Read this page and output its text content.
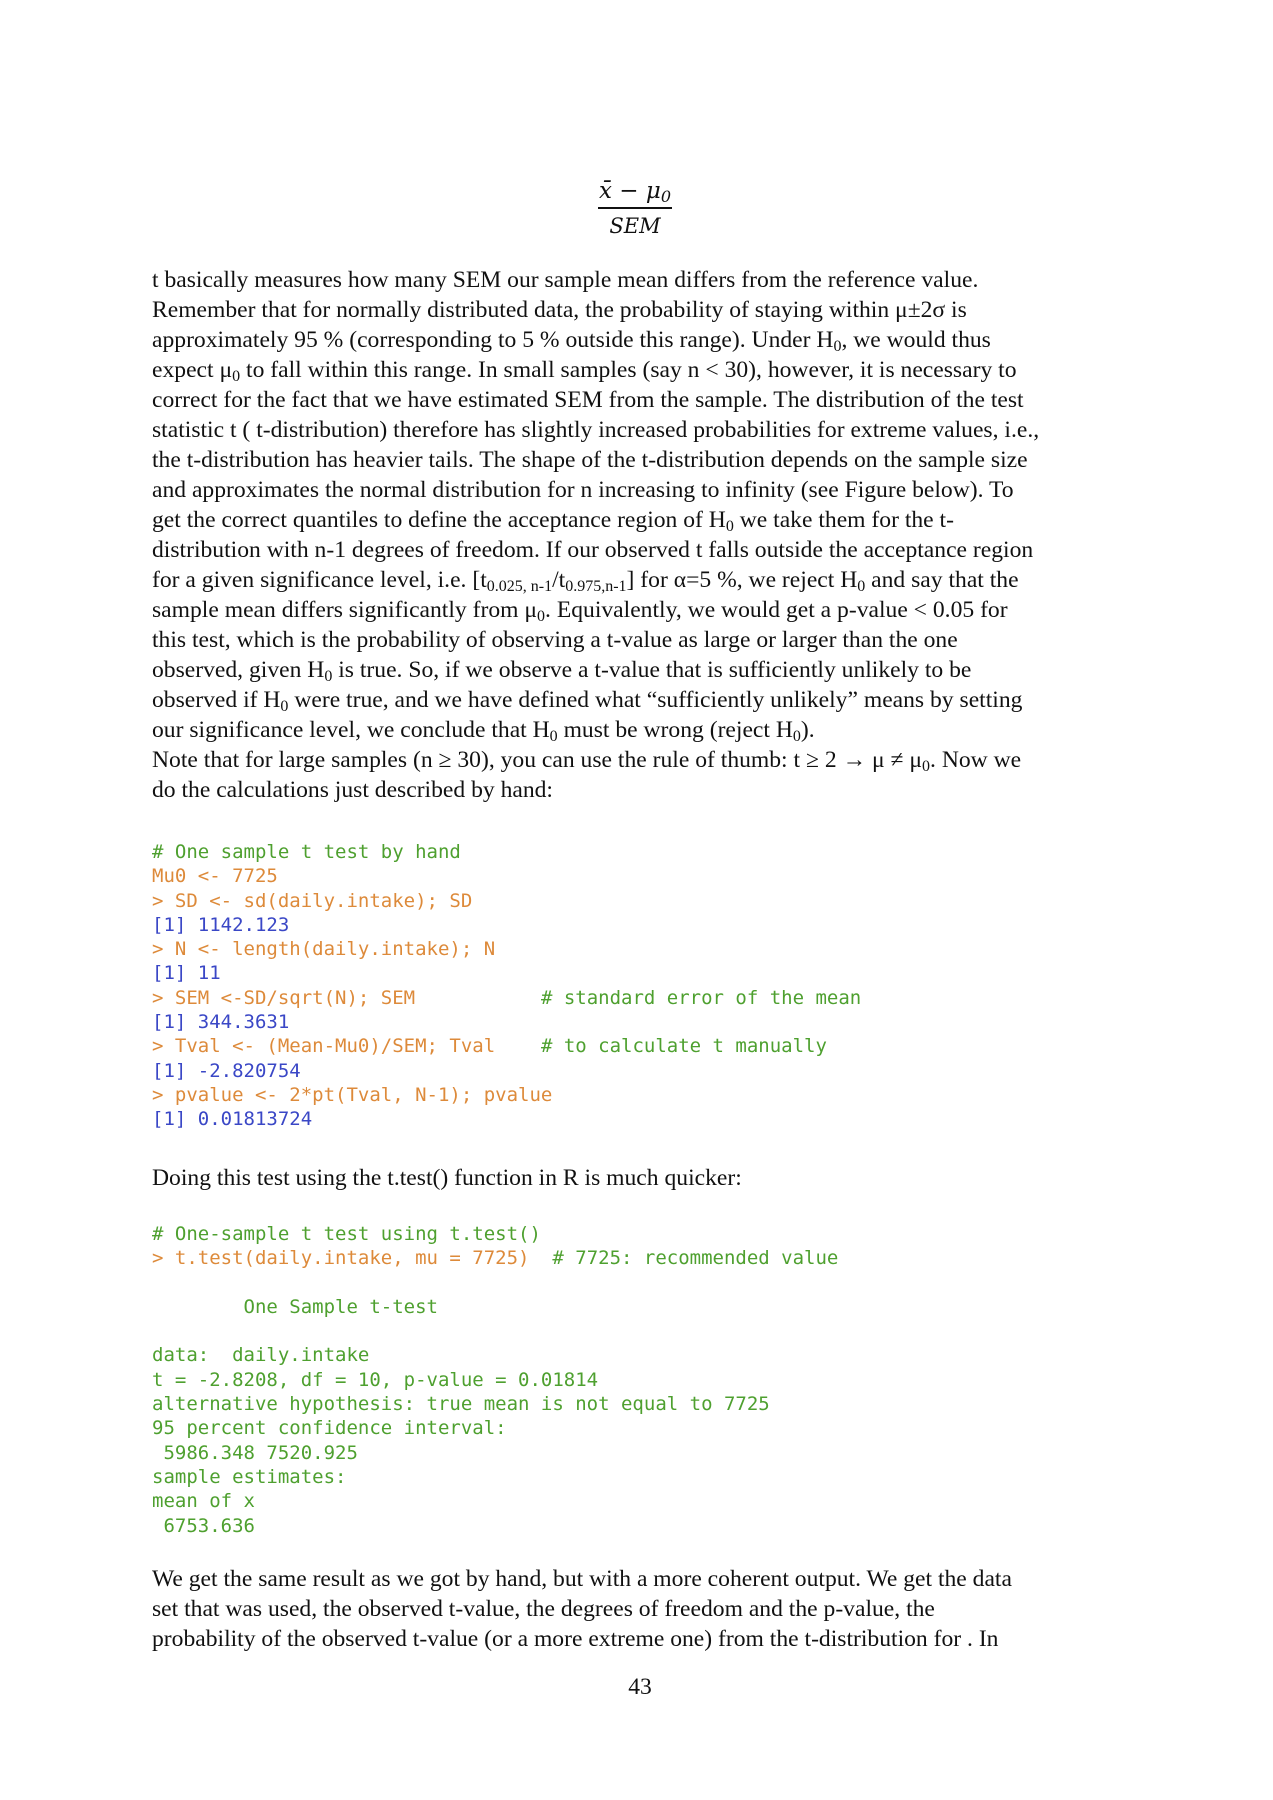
x̄ − $\mu_0$
SEM
t basically measures how many SEM our sample mean differs from the reference value.
Remember that for normally distributed data, the probability of staying within μ±2σ is
approximately 95 % (corresponding to 5 % outside this range). Under $H_0$, we would thus
expect $\mu_0$ to fall within this range. In small samples (say n < 30), however, it is necessary to
correct for the fact that we have estimated SEM from the sample. The distribution of the test
statistic t ( t-distribution) therefore has slightly increased probabilities for extreme values, i.e.,
the t-distribution has heavier tails. The shape of the t-distribution depends on the sample size
and approximates the normal distribution for n increasing to infinity (see Figure below). To
get the correct quantiles to define the acceptance region of $H_0$ we take them for the t-
distribution with n-1 degrees of freedom. If our observed t falls outside the acceptance region
for a given significance level, i.e. $[t_{0.025, n-1}/t_{0.975,n-1}]$ for α=5 %, we reject $H_0$ and say that the
sample mean differs significantly from $\mu_0$. Equivalently, we would get a p-value < 0.05 for
this test, which is the probability of observing a t-value as large or larger than the one
observed, given $H_0$ is true. So, if we observe a t-value that is sufficiently unlikely to be
observed if $H_0$ were true, and we have defined what “sufficiently unlikely” means by setting
our significance level, we conclude that $H_0$ must be wrong (reject $H_0$).
Note that for large samples (n ≥ 30), you can use the rule of thumb: $t \ge 2 \to \mu \ne \mu_0$. Now we
do the calculations just described by hand:
# One sample t test by hand
Mu0 <- 7725
> SD <- sd(daily.intake); SD
[1] 1142.123
> N <- length(daily.intake); N
[1] 11
> SEM <-SD/sqrt(N); SEM	# standard error of the mean
[1] 344.3631
> Tval <- (Mean-Mu0)/SEM; Tval # to calculate t manually
[1] -2.820754
> pvalue <- 2*pt(Tval, N-1); pvalue
[1] 0.01813724
Doing this test using the t.test() function in R is much quicker:
# One-sample t test using t.test()
> t.test(daily.intake, mu = 7725) # 7725: recommended value
One Sample t-test
data:  daily.intake
t = -2.8208, df = 10, p-value = 0.01814
alternative hypothesis: true mean is not equal to 7725
95 percent confidence interval:
5986.348 7520.925
sample estimates:
mean of x
6753.636
We get the same result as we got by hand, but with a more coherent output. We get the data
set that was used, the observed t-value, the degrees of freedom and the p-value, the
probability of the observed t-value (or a more extreme one) from the t-distribution for . In
43
